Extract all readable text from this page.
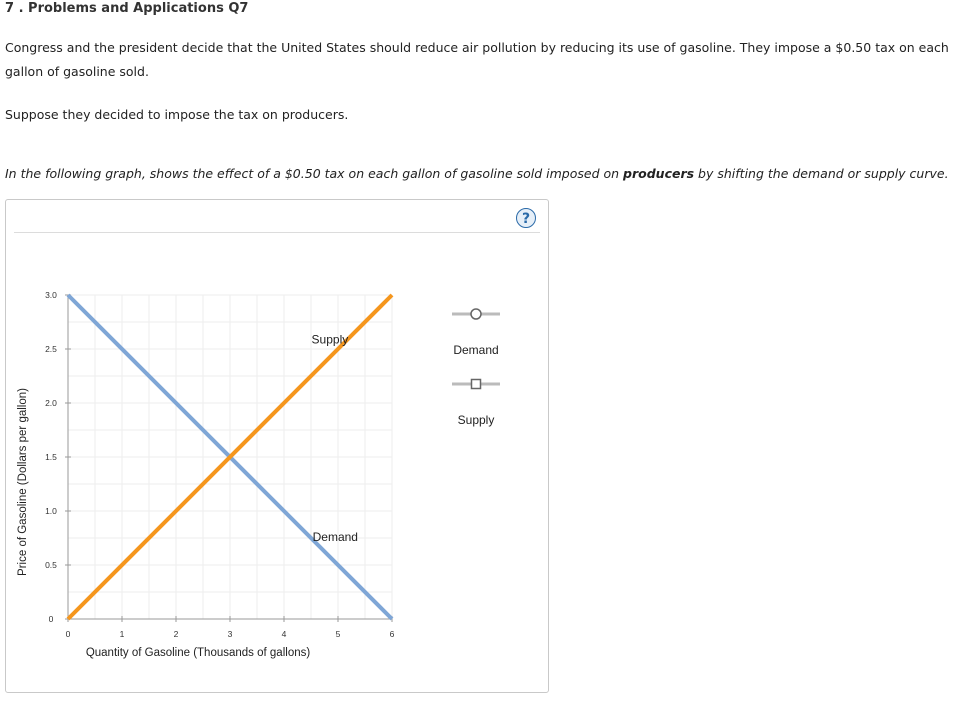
7 . Problems and Applications Q7

Congress and the president decide that the United States should reduce air pollution by reducing its use of gasoline. They impose a $0.50 tax on each gallon of gasoline sold.

Suppose they decided to impose the tax on producers.

In the following graph, shows the effect of a $0.50 tax on each gallon of gasoline sold imposed on producers by shifting the demand or supply curve.

?
0	1	2	3	4	5	6
0
0.5
1.0
1.5
2.0
2.5
3.0
Quantity of Gasoline (Thousands of gallons)
Price of Gasoline (Dollars per gallon)	Demand
Supply
Demand
Supply
